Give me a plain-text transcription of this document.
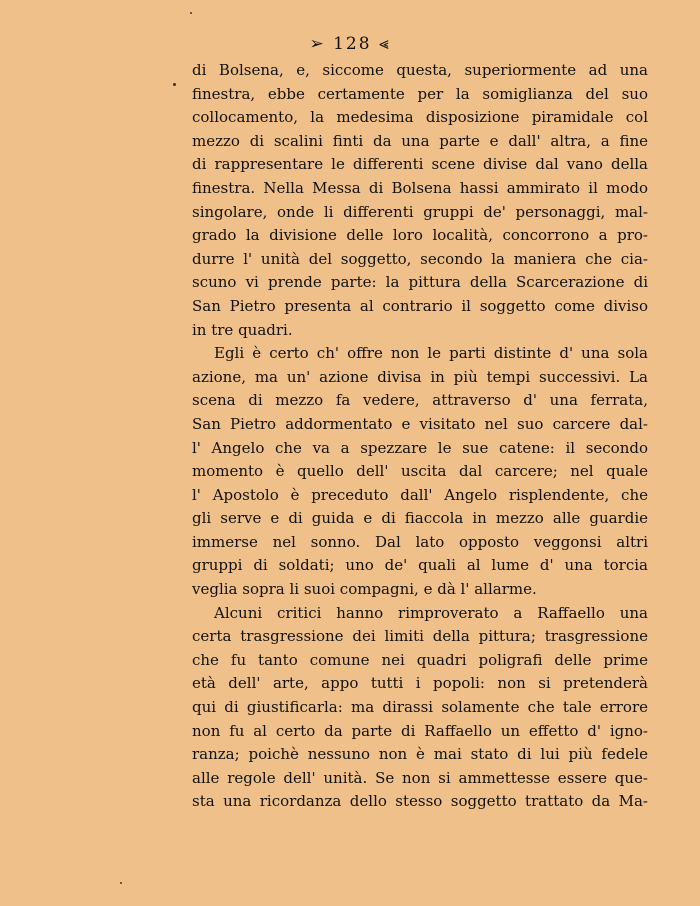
➢ 128 ⪡
di Bolsena, e, siccome questa, superiormente ad una
finestra, ebbe certamente per la somiglianza del suo
collocamento, la medesima disposizione piramidale col
mezzo di scalini finti da una parte e dall' altra, a fine
di rappresentare le differenti scene divise dal vano della
finestra. Nella Messa di Bolsena hassi ammirato il modo
singolare, onde li differenti gruppi de' personaggi, mal-
grado la divisione delle loro località, concorrono a pro-
durre l' unità del soggetto, secondo la maniera che cia-
scuno vi prende parte: la pittura della Scarcerazione di
San Pietro presenta al contrario il soggetto come diviso
in tre quadri.
Egli è certo ch' offre non le parti distinte d' una sola
azione, ma un' azione divisa in più tempi successivi. La
scena di mezzo fa vedere, attraverso d' una ferrata,
San Pietro addormentato e visitato nel suo carcere dal-
l' Angelo che va a spezzare le sue catene: il secondo
momento è quello dell' uscita dal carcere; nel quale
l' Apostolo è preceduto dall' Angelo risplendente, che
gli serve e di guida e di fiaccola in mezzo alle guardie
immerse nel sonno. Dal lato opposto veggonsi altri
gruppi di soldati; uno de' quali al lume d' una torcia
veglia sopra li suoi compagni, e dà l' allarme.
Alcuni critici hanno rimproverato a Raffaello una
certa trasgressione dei limiti della pittura; trasgressione
che fu tanto comune nei quadri poligrafi delle prime
età dell' arte, appo tutti i popoli: non si pretenderà
qui di giustificarla: ma dirassi solamente che tale errore
non fu al certo da parte di Raffaello un effetto d' igno-
ranza; poichè nessuno non è mai stato di lui più fedele
alle regole dell' unità. Se non si ammettesse essere que-
sta una ricordanza dello stesso soggetto trattato da Ma-
